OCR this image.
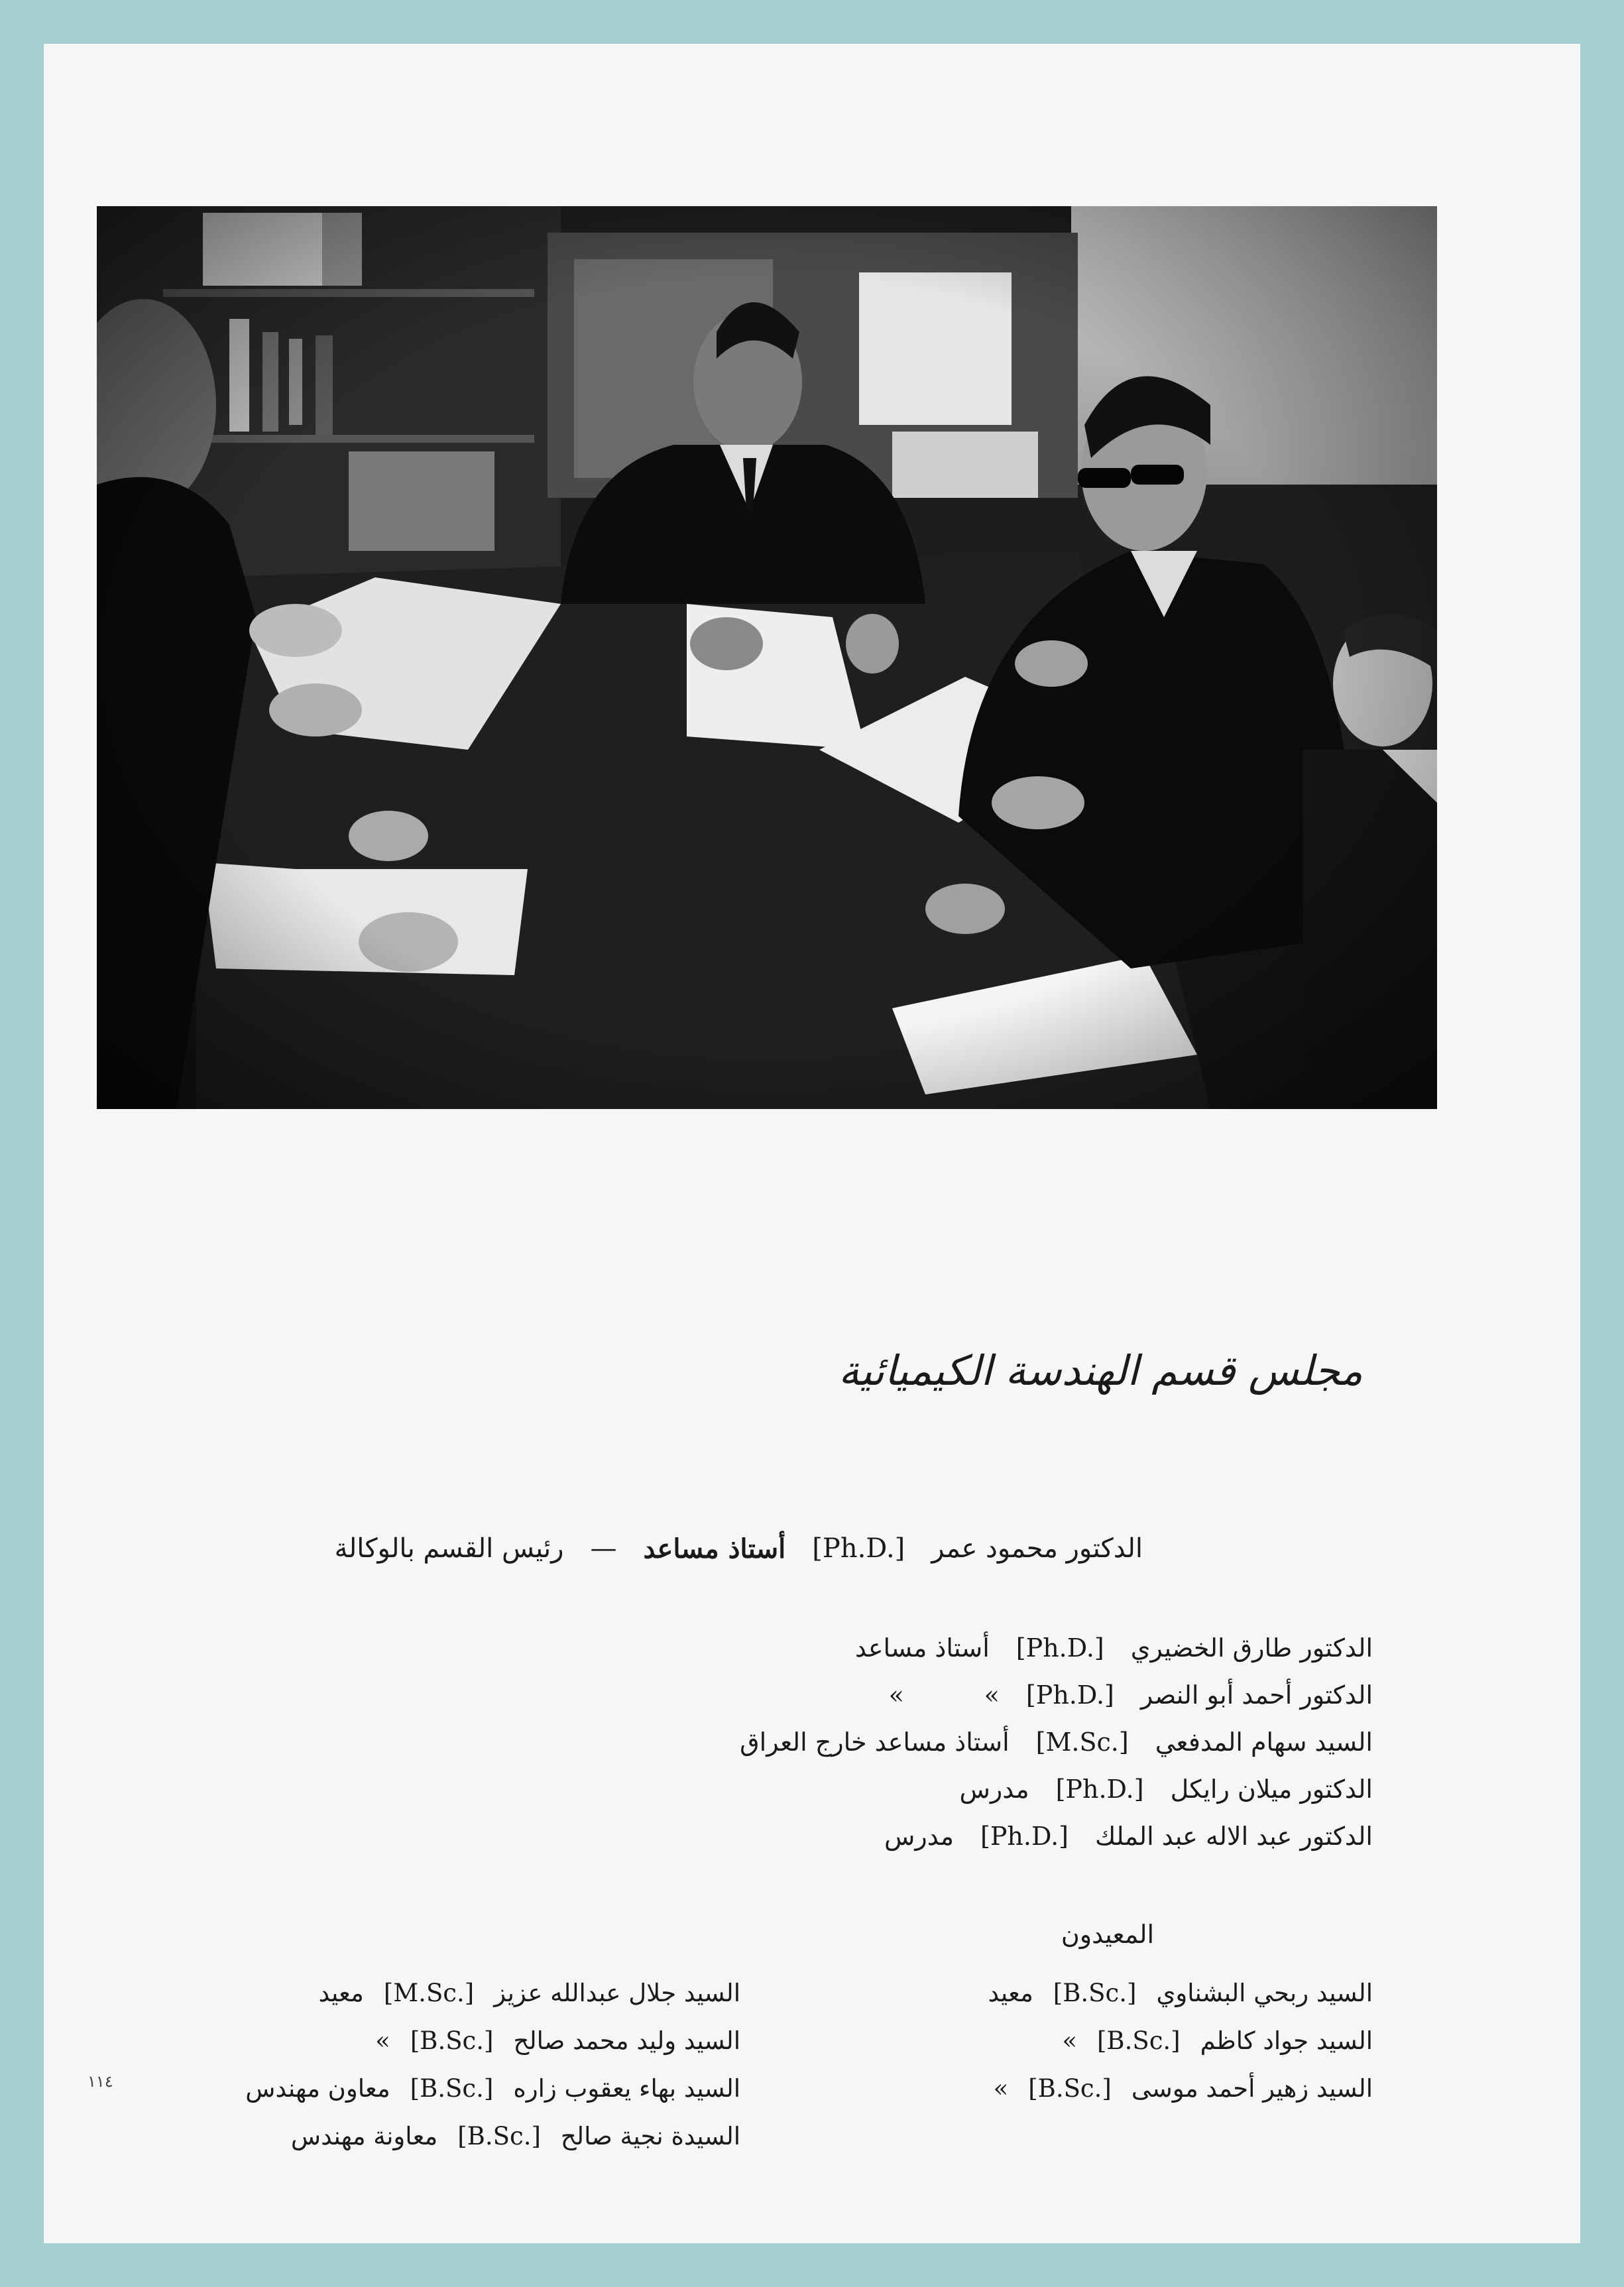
مجلس قسم الهندسة الكيميائية
الدكتور محمود عمر
[Ph.D.]
أستاذ مساعد
—
رئيس القسم بالوكالة
الدكتور طارق الخضيري
[Ph.D.]
أستاذ مساعد
الدكتور أحمد أبو النصر
[Ph.D.]
»          »
السيد سهام المدفعي
[M.Sc.]
أستاذ مساعد خارج العراق
الدكتور ميلان رايكل
[Ph.D.]
مدرس
الدكتور عبد الاله عبد الملك
[Ph.D.]
مدرس
المعيدون
السيد ربحي البشناوي
[B.Sc.]
معيد
السيد جواد كاظم
[B.Sc.]
»
السيد زهير أحمد موسى
[B.Sc.]
»
السيد جلال عبدالله عزيز
[M.Sc.]
معيد
السيد وليد محمد صالح
[B.Sc.]
»
السيد بهاء يعقوب زاره
[B.Sc.]
معاون مهندس
السيدة نجية صالح
[B.Sc.]
معاونة مهندس
١١٤
